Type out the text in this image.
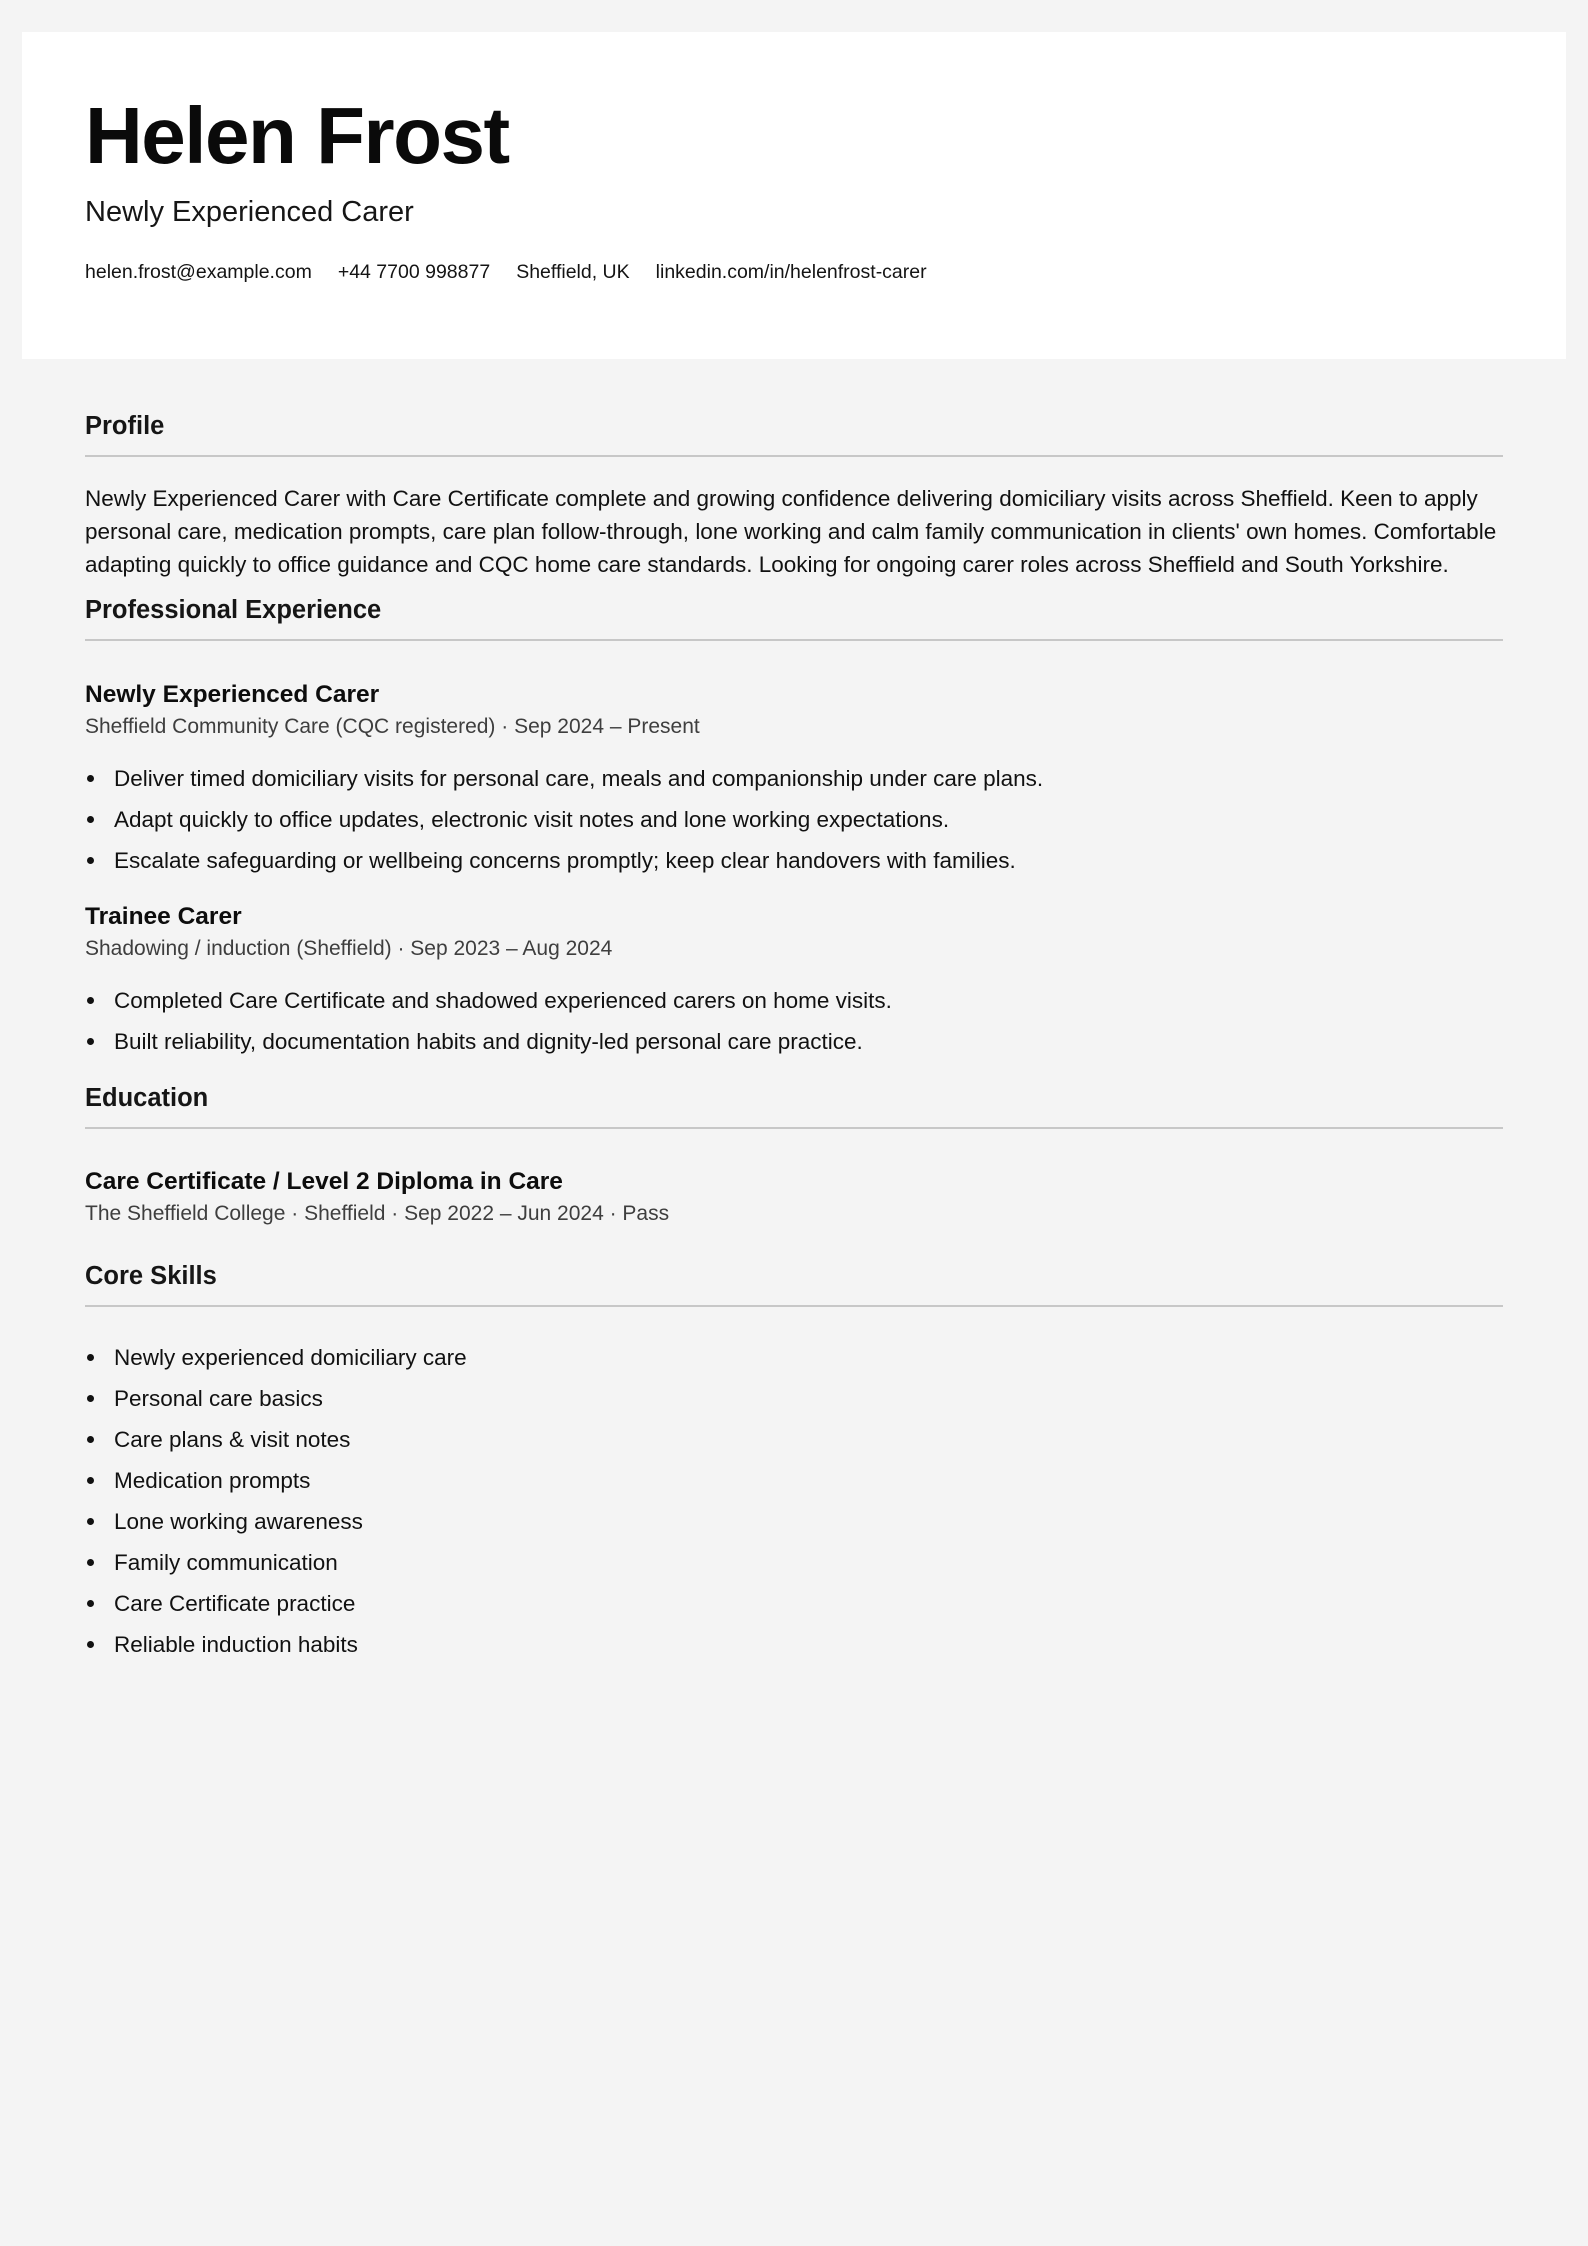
Helen Frost
Newly Experienced Carer
helen.frost@example.com +44 7700 998877 Sheffield, UK linkedin.com/in/helenfrost-carer
Profile

Newly Experienced Carer with Care Certificate complete and growing confidence delivering domiciliary visits across Sheffield. Keen to apply personal care, medication prompts, care plan follow-through, lone working and calm family communication in clients' own homes. Comfortable adapting quickly to office guidance and CQC home care standards. Looking for ongoing carer roles across Sheffield and South Yorkshire.

Professional Experience
Newly Experienced Carer
Sheffield Community Care (CQC registered) · Sep 2024 – Present
Deliver timed domiciliary visits for personal care, meals and companionship under care plans.
Adapt quickly to office updates, electronic visit notes and lone working expectations.
Escalate safeguarding or wellbeing concerns promptly; keep clear handovers with families.
Trainee Carer
Shadowing / induction (Sheffield) · Sep 2023 – Aug 2024
Completed Care Certificate and shadowed experienced carers on home visits.
Built reliability, documentation habits and dignity-led personal care practice.
Education
Care Certificate / Level 2 Diploma in Care
The Sheffield College · Sheffield · Sep 2022 – Jun 2024 · Pass
Core Skills
Newly experienced domiciliary care
Personal care basics
Care plans & visit notes
Medication prompts
Lone working awareness
Family communication
Care Certificate practice
Reliable induction habits
